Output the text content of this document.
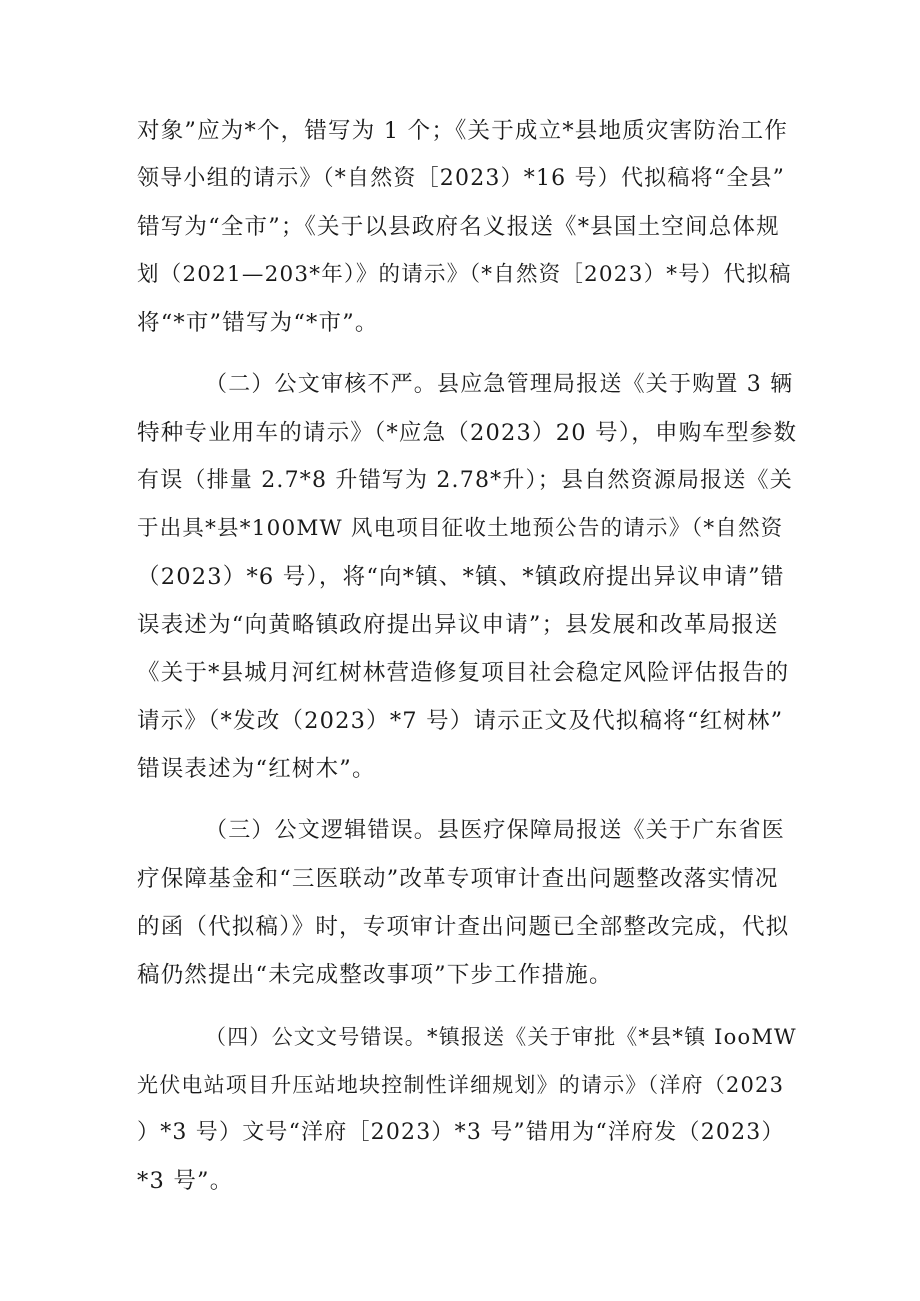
对象”应为*个，错写为 1 个；《关于成立*县地质灾害防治工作
领导小组的请示》（*自然资［2023）*16 号）代拟稿将“全县”
错写为“全市”；《关于以县政府名义报送《*县国土空间总体规
划（2021—203*年）》的请示》（*自然资［2023）*号）代拟稿
将“*市”错写为“*市”。
（二）公文审核不严。县应急管理局报送《关于购置 3 辆
特种专业用车的请示》（*应急（2023）20 号），申购车型参数
有误（排量 2.7*8 升错写为 2.78*升）；县自然资源局报送《关
于出具*县*100MW 风电项目征收土地预公告的请示》（*自然资
（2023）*6 号），将“向*镇、*镇、*镇政府提出异议申请”错
误表述为“向黄略镇政府提出异议申请”；县发展和改革局报送
《关于*县城月河红树林营造修复项目社会稳定风险评估报告的
请示》（*发改（2023）*7 号）请示正文及代拟稿将“红树林”
错误表述为“红树木”。
（三）公文逻辑错误。县医疗保障局报送《关于广东省医
疗保障基金和“三医联动”改革专项审计查出问题整改落实情况
的函（代拟稿）》时，专项审计查出问题已全部整改完成，代拟
稿仍然提出“未完成整改事项”下步工作措施。
（四）公文文号错误。*镇报送《关于审批《*县*镇 IooMW
光伏电站项目升压站地块控制性详细规划》的请示》（洋府（2023
）*3 号）文号“洋府［2023）*3 号”错用为“洋府发（2023）
*3 号”。
